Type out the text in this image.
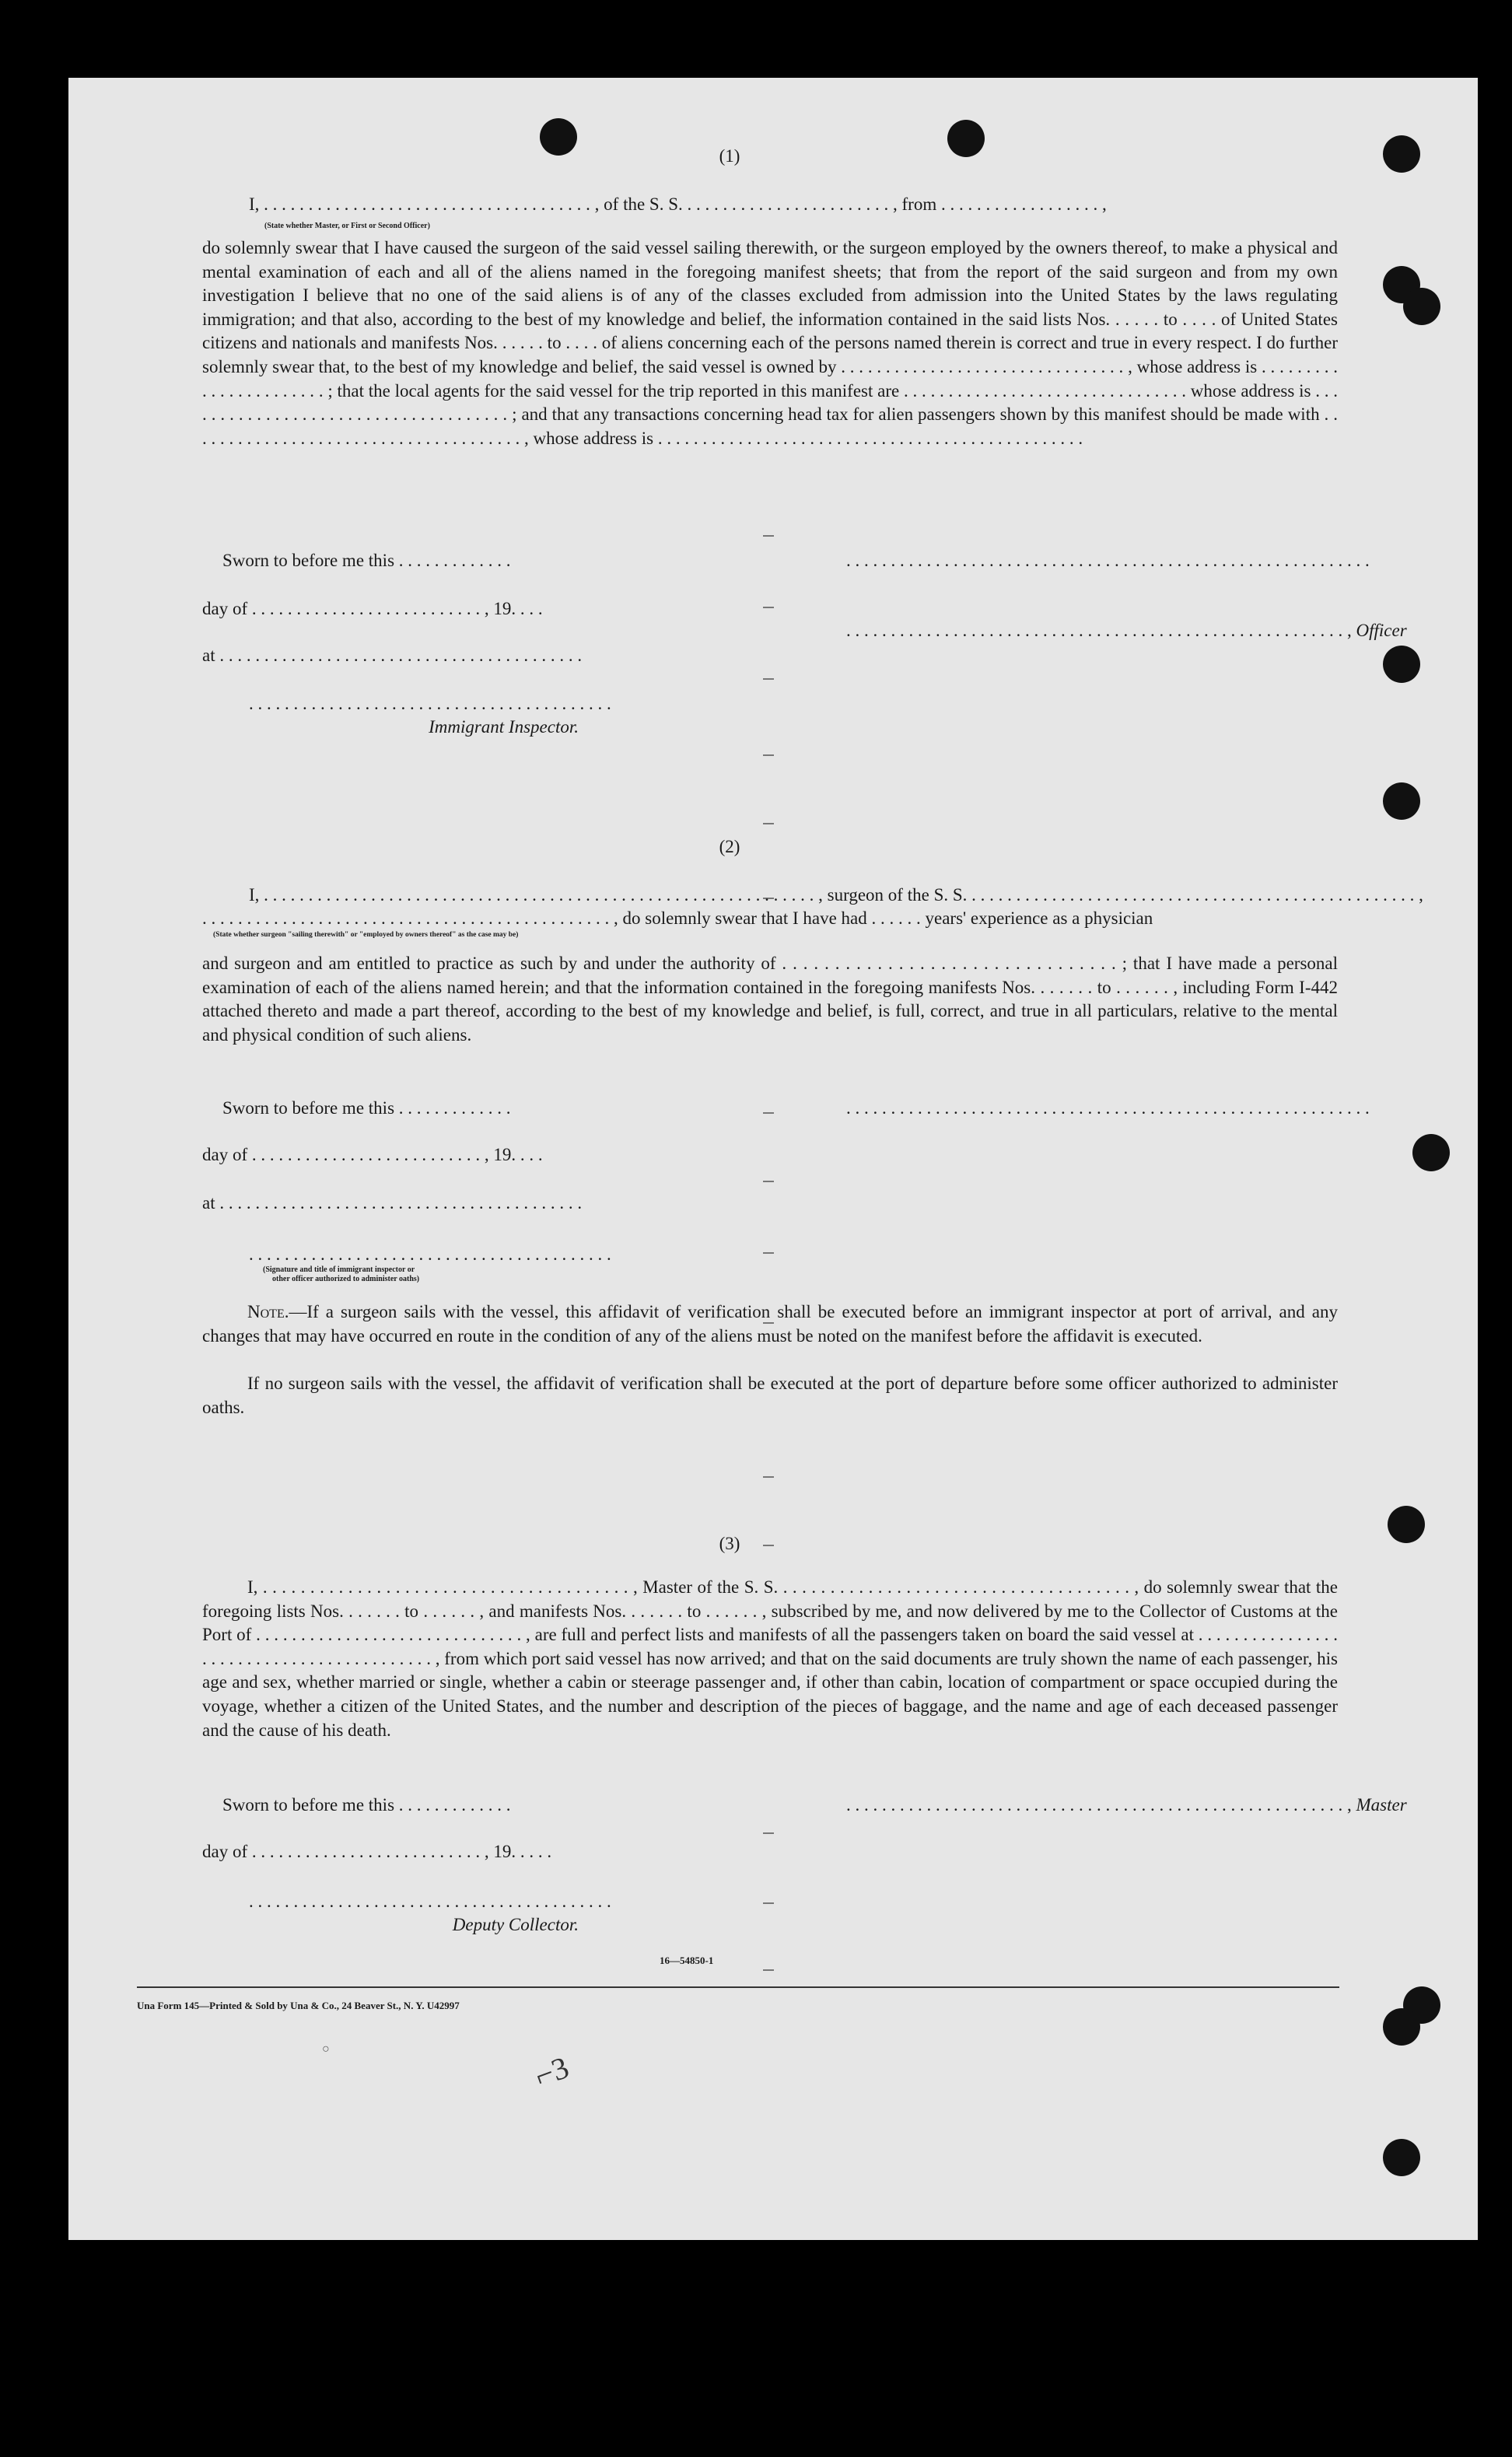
(1)
I, . . . . . . . . . . . . . . . . . . . . . . . . . . . . . . . . . . . . . , of the S. S. . . . . . . . . . . . . . . . . . . . . . . . , from . . . . . . . . . . . . . . . . . . ,
(State whether Master, or First or Second Officer)
do solemnly swear that I have caused the surgeon of the said vessel sailing therewith, or the surgeon employed by the owners thereof, to make a physical and mental examination of each and all of the aliens named in the foregoing manifest sheets; that from the report of the said surgeon and from my own investigation I believe that no one of the said aliens is of any of the classes excluded from admission into the United States by the laws regulating immigration; and that also, according to the best of my knowledge and belief, the information contained in the said lists Nos. . . . . . to . . . . of United States citizens and nationals and manifests Nos. . . . . . to . . . . of aliens concerning each of the persons named therein is correct and true in every respect. I do further solemnly swear that, to the best of my knowledge and belief, the said vessel is owned by . . . . . . . . . . . . . . . . . . . . . . . . . . . . . . . . , whose address is . . . . . . . . . . . . . . . . . . . . . . . ; that the local agents for the said vessel for the trip reported in this manifest are . . . . . . . . . . . . . . . . . . . . . . . . . . . . . . . . whose address is . . . . . . . . . . . . . . . . . . . . . . . . . . . . . . . . . . . . . ; and that any transactions concerning head tax for alien passengers shown by this manifest should be made with . . . . . . . . . . . . . . . . . . . . . . . . . . . . . . . . . . . . . . , whose address is . . . . . . . . . . . . . . . . . . . . . . . . . . . . . . . . . . . . . . . . . . . . . . . .
Sworn to before me this . . . . . . . . . . . . .	. . . . . . . . . . . . . . . . . . . . . . . . . . . . . . . . . . . . . . . . . . . . . . . . . . . . . . . . . . .
day of . . . . . . . . . . . . . . . . . . . . . . . . . . , 19. . . .
. . . . . . . . . . . . . . . . . . . . . . . . . . . . . . . . . . . . . . . . . . . . . . . . . . . . . . . . , Officer
at . . . . . . . . . . . . . . . . . . . . . . . . . . . . . . . . . . . . . . . . .
. . . . . . . . . . . . . . . . . . . . . . . . . . . . . . . . . . . . . . . . .
Immigrant Inspector.
(2)
I, . . . . . . . . . . . . . . . . . . . . . . . . . . . . . . . . . . . . . . . . . . . . . . . . . . . . . . . . . . . . . . , surgeon of the S. S. . . . . . . . . . . . . . . . . . . . . . . . . . . . . . . . . . . . . . . . . . . . . . . . . . . ,
. . . . . . . . . . . . . . . . . . . . . . . . . . . . . . . . . . . . . . . . . . . . . . , do solemnly swear that I have had . . . . . . years' experience as a physician
(State whether surgeon "sailing therewith" or "employed by owners thereof" as the case may be)
and surgeon and am entitled to practice as such by and under the authority of . . . . . . . . . . . . . . . . . . . . . . . . . . . . . . . . ; that I have made a personal examination of each of the aliens named herein; and that the information contained in the foregoing manifests Nos. . . . . . . to . . . . . . , including Form I-442 attached thereto and made a part thereof, according to the best of my knowledge and belief, is full, correct, and true in all particulars, relative to the mental and physical condition of such aliens.
Sworn to before me this . . . . . . . . . . . . .	. . . . . . . . . . . . . . . . . . . . . . . . . . . . . . . . . . . . . . . . . . . . . . . . . . . . . . . . . . .
day of . . . . . . . . . . . . . . . . . . . . . . . . . . , 19. . . .
at . . . . . . . . . . . . . . . . . . . . . . . . . . . . . . . . . . . . . . . . .
. . . . . . . . . . . . . . . . . . . . . . . . . . . . . . . . . . . . . . . . .
(Signature and title of immigrant inspector or
other officer authorized to administer oaths)
Note.—If a surgeon sails with the vessel, this affidavit of verification shall be executed before an immigrant inspector at port of arrival, and any changes that may have occurred en route in the condition of any of the aliens must be noted on the manifest before the affidavit is executed.
If no surgeon sails with the vessel, the affidavit of verification shall be executed at the port of departure before some officer authorized to administer oaths.
(3)
I, . . . . . . . . . . . . . . . . . . . . . . . . . . . . . . . . . . . . . . . , Master of the S. S. . . . . . . . . . . . . . . . . . . . . . . . . . . . . . . . . . . . . . , do solemnly swear that the foregoing lists Nos. . . . . . . to . . . . . . , and manifests Nos. . . . . . . to . . . . . . , subscribed by me, and now delivered by me to the Collector of Customs at the Port of . . . . . . . . . . . . . . . . . . . . . . . . . . . . . . , are full and perfect lists and manifests of all the passengers taken on board the said vessel at . . . . . . . . . . . . . . . . . . . . . . . . . . . . . . . . . . . . . . . . . . , from which port said vessel has now arrived; and that on the said documents are truly shown the name of each passenger, his age and sex, whether married or single, whether a cabin or steerage passenger and, if other than cabin, location of compartment or space occupied during the voyage, whether a citizen of the United States, and the number and description of the pieces of baggage, and the name and age of each deceased passenger and the cause of his death.
Sworn to before me this . . . . . . . . . . . . .	. . . . . . . . . . . . . . . . . . . . . . . . . . . . . . . . . . . . . . . . . . . . . . . . . . . . . . . . , Master
day of . . . . . . . . . . . . . . . . . . . . . . . . . . , 19. . . . .
. . . . . . . . . . . . . . . . . . . . . . . . . . . . . . . . . . . . . . . . .
Deputy Collector.
16—54850-1
Una Form 145—Printed & Sold by Una & Co., 24 Beaver St., N. Y. U42997
⌐3
○
